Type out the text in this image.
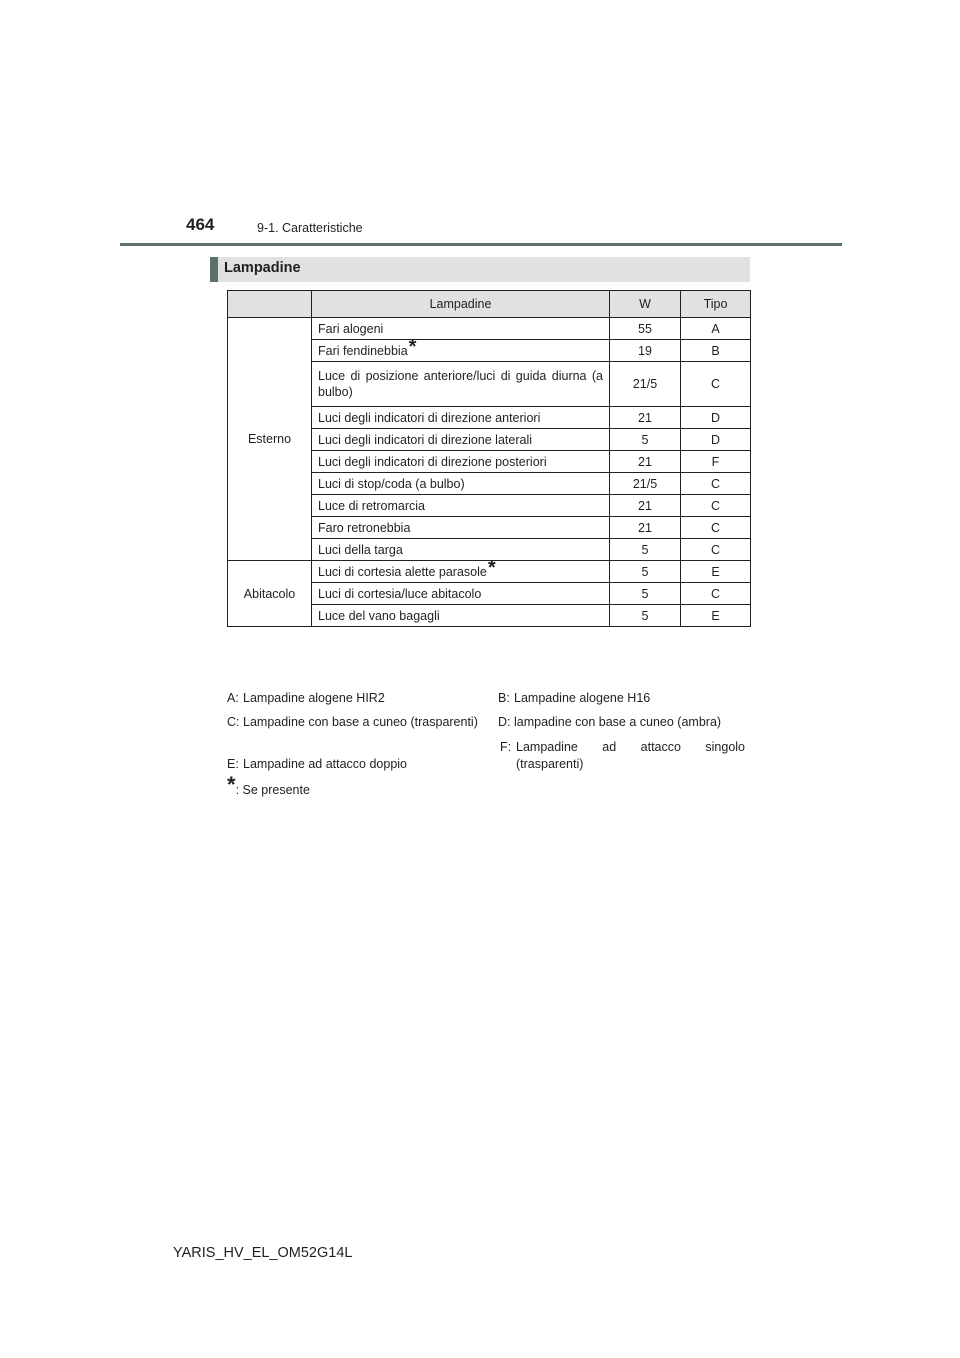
464	9-1. Caratteristiche
Lampadine
	Lampadine	W	Tipo
Esterno	Fari alogeni	55	A
	Fari fendinebbia*	19	B
	Luce di posizione anteriore/luci di guida diurna (a bulbo)	21/5	C
	Luci degli indicatori di direzione anteriori	21	D
	Luci degli indicatori di direzione laterali	5	D
	Luci degli indicatori di direzione posteriori	21	F
	Luci di stop/coda (a bulbo)	21/5	C
	Luce di retromarcia	21	C
	Faro retronebbia	21	C
	Luci della targa	5	C
Abitacolo	Luci di cortesia alette parasole*	5	E
	Luci di cortesia/luce abitacolo	5	C
	Luce del vano bagagli	5	E
A: Lampadine alogene HIR2	B: Lampadine alogene H16
C: Lampadine con base a cuneo (trasparenti) D: lampadine con base a cuneo (ambra)
E: Lampadine ad attacco doppio
F: Lampadine ad attacco singolo (trasparenti)
*: Se presente
YARIS_HV_EL_OM52G14L
